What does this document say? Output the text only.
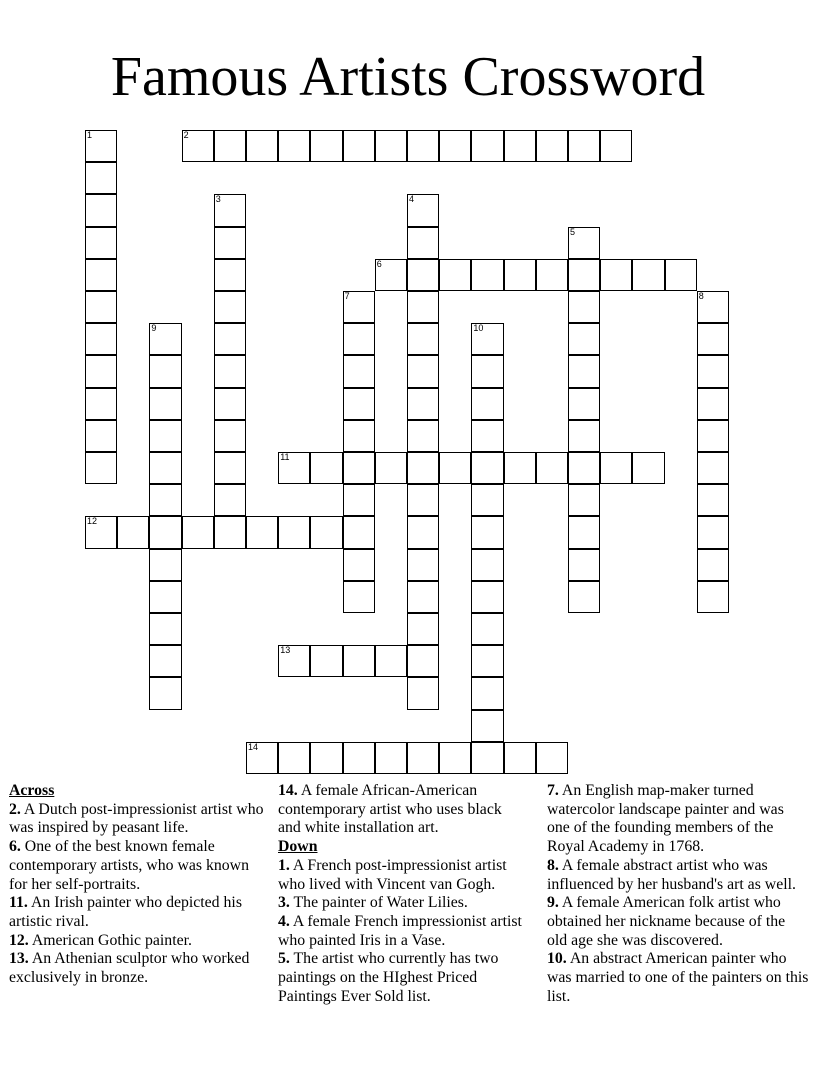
Famous Artists Crossword
1	2
3	4
5
6
7	8
9	10
11
12
13
14
Across
2. A Dutch post-impressionist artist who was inspired by peasant life.
6. One of the best known female contemporary artists, who was known for her self-portraits.
11. An Irish painter who depicted his artistic rival.
12. American Gothic painter.
13. An Athenian sculptor who worked exclusively in bronze.
14. A female African-American contemporary artist who uses black and white installation art.
Down
1. A French post-impressionist artist who lived with Vincent van Gogh.
3. The painter of Water Lilies.
4. A female French impressionist artist who painted Iris in a Vase.
5. The artist who currently has two paintings on the HIghest Priced Paintings Ever Sold list.
7. An English map-maker turned watercolor landscape painter and was one of the founding members of the Royal Academy in 1768.
8. A female abstract artist who was influenced by her husband's art as well.
9. A female American folk artist who obtained her nickname because of the old age she was discovered.
10. An abstract American painter who was married to one of the painters on this list.
